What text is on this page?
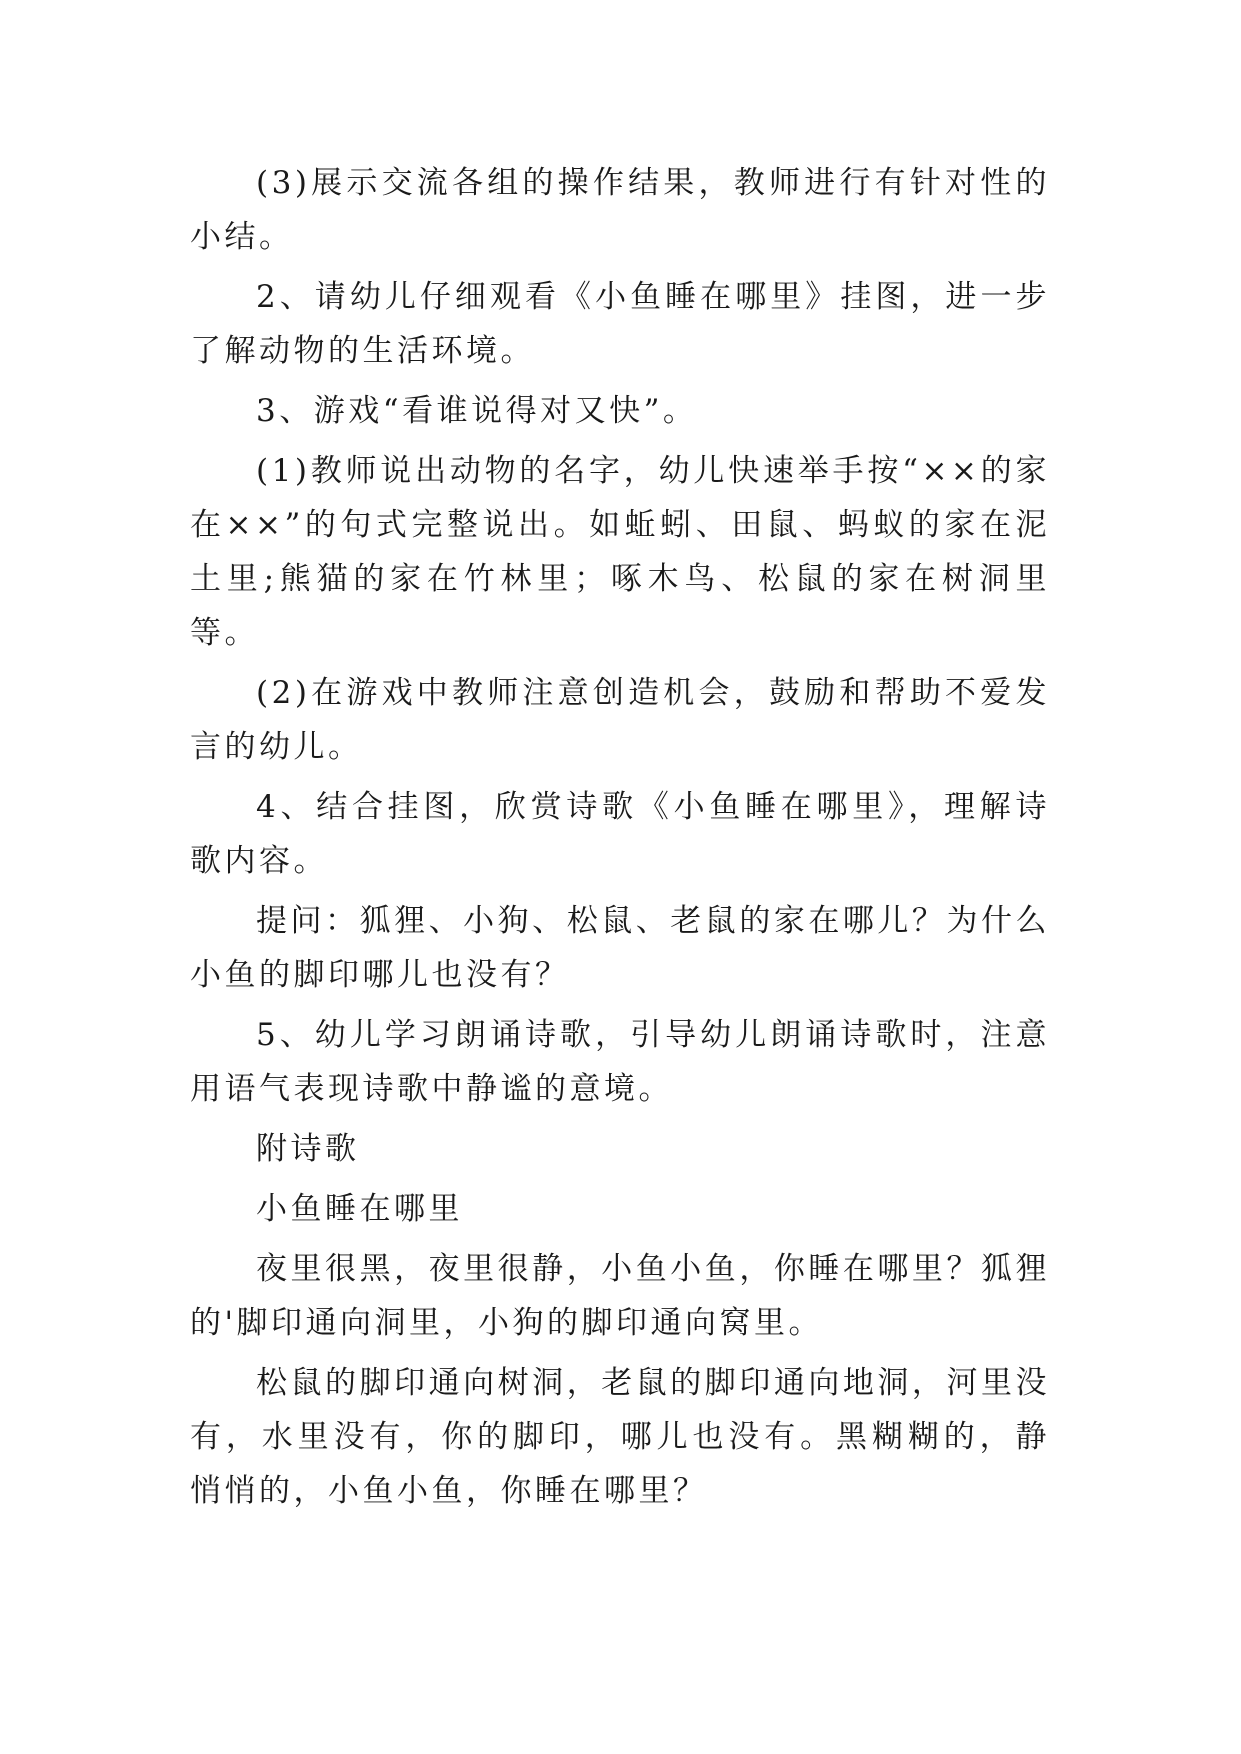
(3)展示交流各组的操作结果，教师进行有针对性的小结。

2、请幼儿仔细观看《小鱼睡在哪里》挂图，进一步了解动物的生活环境。

3、游戏“看谁说得对又快”。

(1)教师说出动物的名字，幼儿快速举手按“××的家在××”的句式完整说出。如蚯蚓、田鼠、蚂蚁的家在泥土里;熊猫的家在竹林里；啄木鸟、松鼠的家在树洞里等。

(2)在游戏中教师注意创造机会，鼓励和帮助不爱发言的幼儿。

4、结合挂图，欣赏诗歌《小鱼睡在哪里》，理解诗歌内容。

提问：狐狸、小狗、松鼠、老鼠的家在哪儿？为什么小鱼的脚印哪儿也没有？

5、幼儿学习朗诵诗歌，引导幼儿朗诵诗歌时，注意用语气表现诗歌中静谧的意境。

附诗歌

小鱼睡在哪里

夜里很黑，夜里很静，小鱼小鱼，你睡在哪里？狐狸的'脚印通向洞里，小狗的脚印通向窝里。

松鼠的脚印通向树洞，老鼠的脚印通向地洞，河里没有，水里没有，你的脚印，哪儿也没有。黑糊糊的，静悄悄的，小鱼小鱼，你睡在哪里？
